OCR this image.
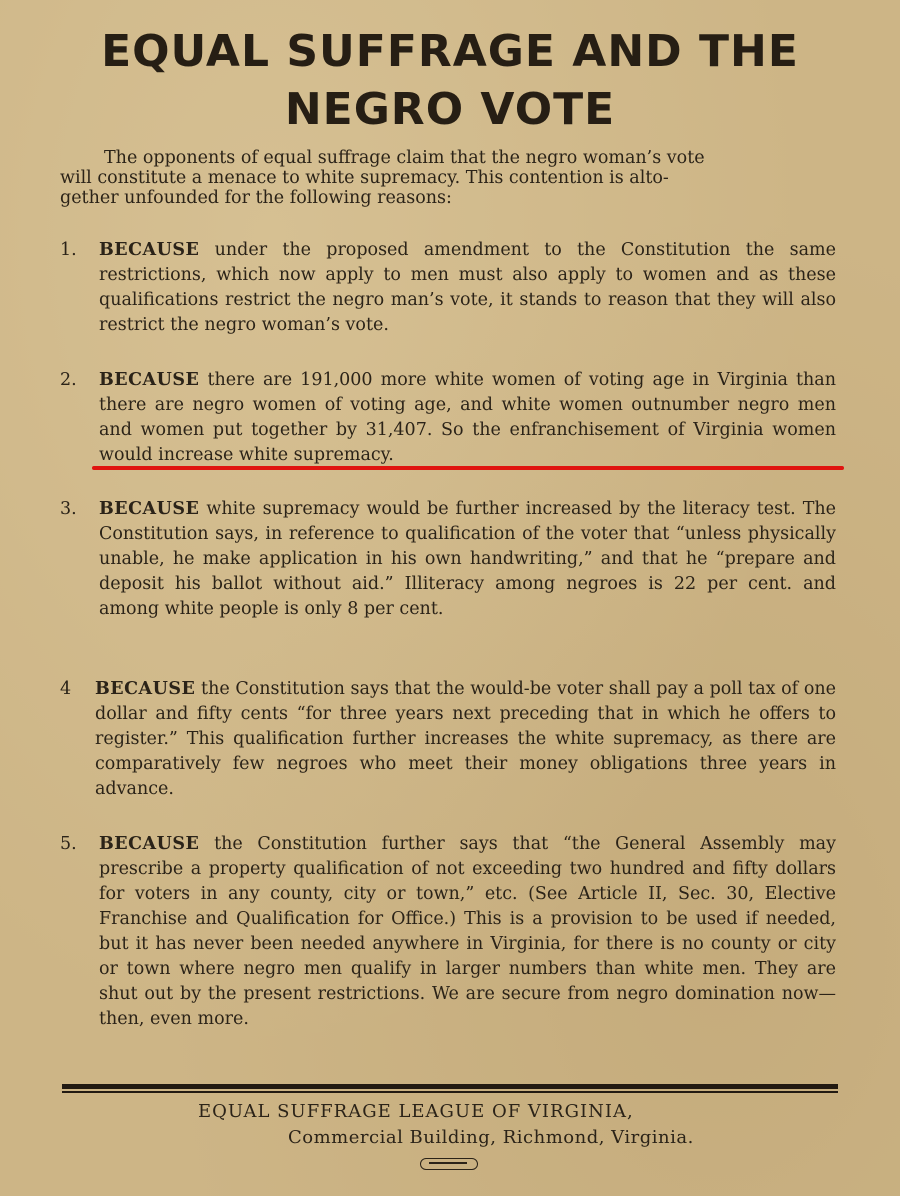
EQUAL SUFFRAGE AND THE
NEGRO VOTE
The opponents of equal suffrage claim that the negro woman’s vote
will constitute a menace to white supremacy. This contention is alto-
gether unfounded for the following reasons:
1.	BECAUSE under the proposed amendment to the Constitution the same restrictions, which now apply to men must also apply to women and as these qualifications restrict the negro man’s vote, it stands to reason that they will also restrict the negro woman’s vote.
2.	BECAUSE there are 191,000 more white women of voting age in Virginia than there are negro women of voting age, and white women outnumber negro men and women put together by 31,407. So the enfranchisement of Virginia women would increase white supremacy.
3.	BECAUSE white supremacy would be further increased by the literacy test. The Constitution says, in reference to qualification of the voter that “unless physically unable, he make application in his own handwriting,” and that he “prepare and deposit his ballot without aid.” Illiteracy among negroes is 22 per cent. and among white people is only 8 per cent.
4	BECAUSE the Constitution says that the would-be voter shall pay a poll tax of one dollar and fifty cents “for three years next preceding that in which he offers to register.” This qualification further increases the white supremacy, as there are comparatively few negroes who meet their money obligations three years in advance.
5.	BECAUSE the Constitution further says that “the General Assembly may prescribe a property qualification of not exceeding two hundred and fifty dollars for voters in any county, city or town,” etc. (See Article II, Sec. 30, Elective Franchise and Qualification for Office.) This is a provision to be used if needed, but it has never been needed anywhere in Virginia, for there is no county or city or town where negro men qualify in larger numbers than white men. They are shut out by the present restrictions. We are secure from negro domination now—then, even more.
EQUAL SUFFRAGE LEAGUE OF VIRGINIA,
Commercial Building, Richmond, Virginia.
